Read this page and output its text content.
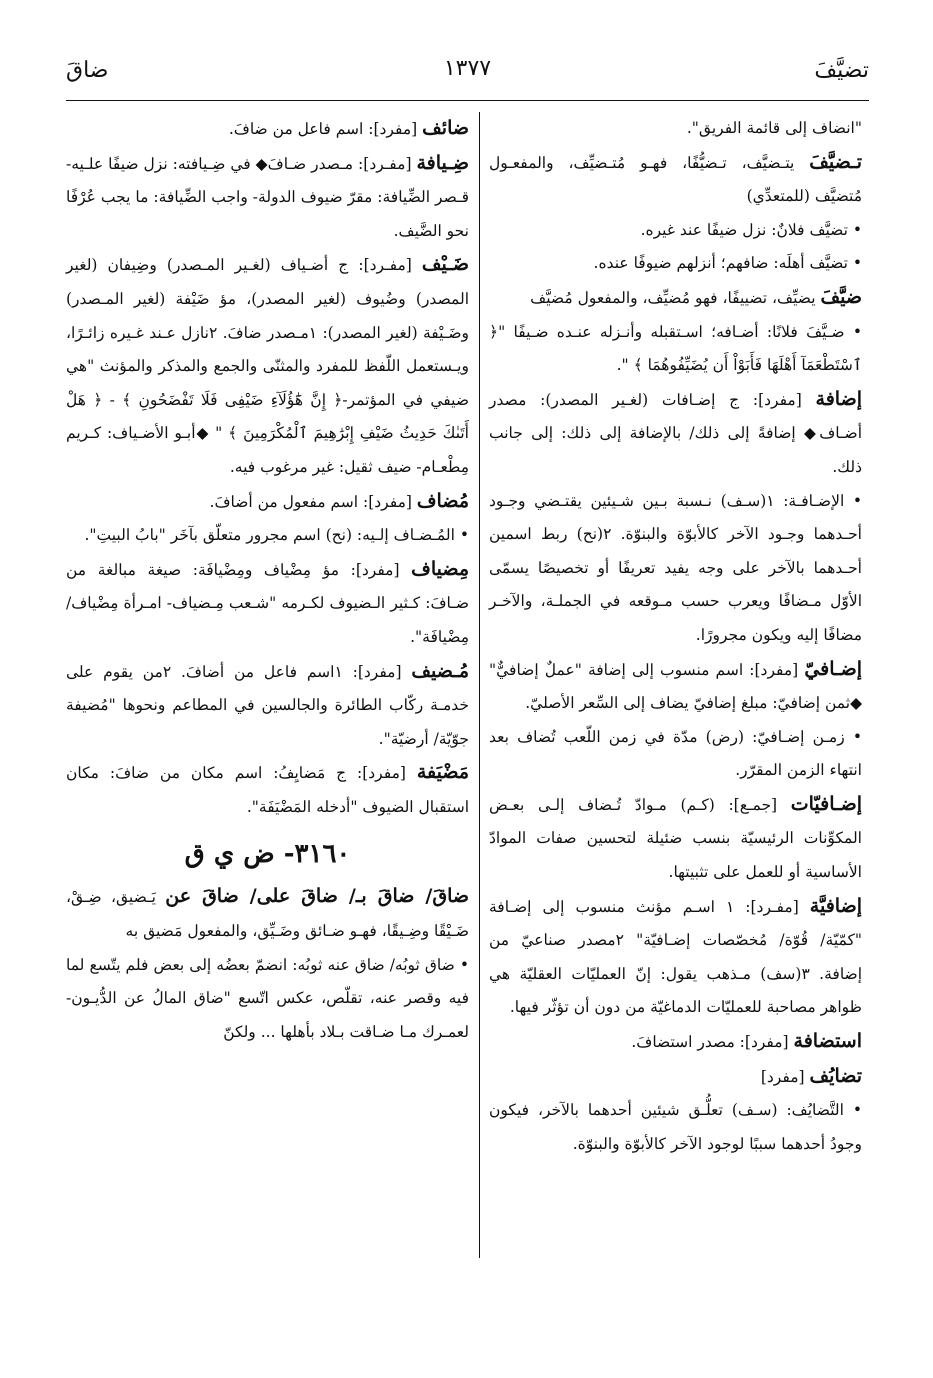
تضيَّفَ
١٣٧٧
ضاقَ

"انضاف إلى قائمة الفريق".

تـضيَّفَ يتـضيَّف، تـضيُّفًا، فهـو مُتـضيِّف، والمفعـول مُتضيَّف (للمتعدِّي)

• تضيَّف فلانٌ: نزل ضيفًا عند غيره.

• تضيَّف أهلَه: ضافهم؛ أنزلهم ضيوفًا عنده.

ضيَّفَ يضيِّف، تضييفًا، فهو مُضيِّف، والمفعول مُضيَّف

• ضـيَّفَ فلانًا: أضـافه؛ اسـتقبله وأنـزله عنـده ضـيفًا "﴿ ٱسْتَطْعَمَآ أَهْلَهَا فَأَبَوْاْ أَن يُضَيِّفُوهُمَا ﴾ ".

إضافة [مفرد]: ج إضـافات (لغـير المصدر): مصدر أضـاف◆ إضافةً إلى ذلك/ بالإضافة إلى ذلك: إلى جانب ذلك.

• الإضـافـة: ١(سـف) نـسبة بـين شـيئين يقتـضي وجـود أحـدهما وجـود الآخر كالأبوّة والبنوّة. ٢(نح) ربط اسمين أحـدهما بالآخر على وجه يفيد تعريفًا أو تخصيصًا يسمّى الأوّل مـضافًا ويعرب حسب مـوقعه في الجملـة، والآخـر مضافًا إليه ويكون مجرورًا.

إضـافيّ [مفرد]: اسم منسوب إلى إضافة "عملٌ إضافيٌّ" ◆ثمن إضافيّ: مبلغ إضافيّ يضاف إلى السِّعر الأصليّ.

• زمـن إضـافيّ: (رض) مدّة في زمن اللّعب تُضاف بعد انتهاء الزمن المقرّر.

إضـافيّات [جمـع]: (كـم) مـوادّ تُـضاف إلـى بعـض المكوِّنات الرئيسيّة بنسب ضئيلة لتحسين صفات الموادّ الأساسية أو للعمل على تثبيتها.

إضافيَّة [مفـرد]: ١ اسـم مؤنث منسوب إلى إضـافة "كمّيّة/ قُوّة/ مُخصّصات إضـافيّة" ٢مصدر صناعيّ من إضافة. ٣(سف) مـذهب يقول: إنّ العمليّات العقليّة هي ظواهر مصاحبة للعمليّات الدماغيّة من دون أن تؤثّر فيها.

استضافة [مفرد]: مصدر استضافَ.

تضايُف [مفرد]

• التَّضايُف: (سـف) تعلُّـق شيئين أحدهما بالآخر، فيكون وجودُ أحدهما سببًا لوجود الآخر كالأبوّة والبنوّة.

ضائف [مفرد]: اسم فاعل من ضافَ.

ضِـيافة [مفـرد]: مـصدر ضـافَ◆ في ضِـيافته: نزل ضيفًا علـيه- قـصر الضِّيافة: مقرّ ضيوف الدولة- واجب الضِّيافة: ما يجب عُرْفًا نحو الضَّيف.

ضَـيْف [مفـرد]: ج أضـياف (لغـير المـصدر) وضِيفان (لغير المصدر) وضُيوف (لغير المصدر)، مؤ ضَيْفة (لغير المـصدر) وضَـيْفة (لغير المصدر): ١مـصدر ضافَ. ٢نازل عـند غـيره زائـرًا، ويـستعمل اللّفظ للمفرد والمثنّى والجمع والمذكر والمؤنث "هي ضيفي في المؤتمر-﴿ إِنَّ هَٰٓؤُلَآءِ ضَيْفِى فَلَا تَفْضَحُونِ ﴾ - ﴿ هَلْ أَتَىٰكَ حَدِيثُ ضَيْفِ إِبْرَٰهِيمَ ٱلْمُكْرَمِينَ ﴾ " ◆أبـو الأضـياف: كـريم مِطْعـام- ضيف ثقيل: غير مرغوب فيه.

مُضاف [مفرد]: اسم مفعول من أضافَ.

• المُـضـاف إلـيه: (نح) اسم مجرور متعلّق بآخَر "بابُ البيتِ".

مِضياف [مفرد]: مؤ مِضْياف ومِضْيافَة: صيغة مبالغة من ضـافَ: كـثير الـضيوف لكـرمه "شـعب مِـضياف- امـرأة مِضْياف/مِضْيافَة".

مُـضيف [مفرد]: ١اسم فاعل من أضافَ. ٢من يقوم على خدمـة ركّاب الطائرة والجالسين في المطاعم ونحوها "مُضيفة جوّيّة/ أرضيّة".

مَضْيَفة [مفرد]: ج مَضايِفُ: اسم مكان من ضافَ: مكان استقبال الضيوف "أدخله المَضْيَفَة".

٣١٦٠- ض ي ق

ضاقَ/ ضاقَ بـ/ ضاقَ على/ ضاقَ عن يَـضيق، ضِـقْ، ضَـيْقًا وضِـيقًا، فهـو ضـائق وضَـيِّق، والمفعول مَضيق به

• ضاق ثوبُه/ ضاق عنه ثوبُه: انضمّ بعضُه إلى بعض فلم يتّسع لما فيه وقصر عنه، تقلّص، عكس اتّسع "ضاق المالُ عن الدُّيـون- لعمـرك مـا ضـاقت بـلاد بأهلها ... ولكنّ
